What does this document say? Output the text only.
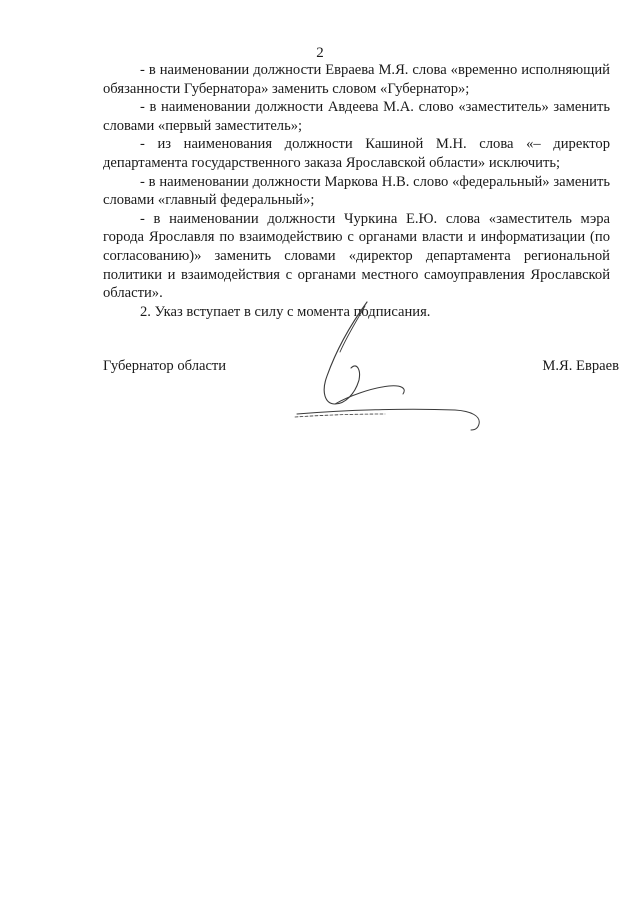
2

- в наименовании должности Евраева М.Я. слова «временно исполняющий обязанности Губернатора» заменить словом «Губернатор»;

- в наименовании должности Авдеева М.А. слово «заместитель» заменить словами «первый заместитель»;

- из наименования должности Кашиной М.Н. слова «– директор департамента государственного заказа Ярославской области» исключить;

- в наименовании должности Маркова Н.В. слово «федеральный» заменить словами «главный федеральный»;

- в наименовании должности Чуркина Е.Ю. слова «заместитель мэра города Ярославля по взаимодействию с органами власти и информатизации (по согласованию)» заменить словами «директор департамента региональной политики и взаимодействия с органами местного самоуправления Ярославской области».

2. Указ вступает в силу с момента подписания.

Губернатор области	М.Я. Евраев
